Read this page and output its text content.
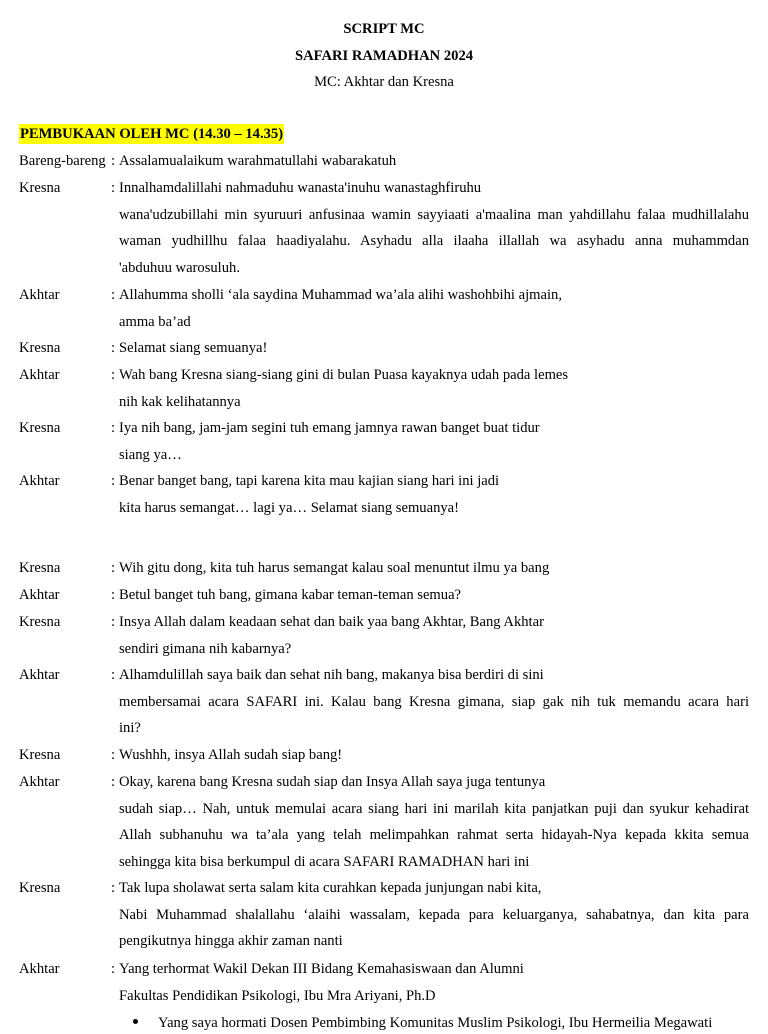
SCRIPT MC
SAFARI RAMADHAN 2024
MC: Akhtar dan Kresna
PEMBUKAAN OLEH MC (14.30 – 14.35)
Bareng-bareng : Assalamualaikum warahmatullahi wabarakatuh
Kresna	: Innalhamdalillahi nahmaduhu wanasta'inuhu wanastaghfiruhu
wana'udzubillahi min syuruuri anfusinaa wamin sayyiaati a'maalina man yahdillahu falaa mudhillalahu
waman yudhillhu falaa haadiyalahu. Asyhadu alla ilaaha illallah wa asyhadu anna muhammdan
'abduhuu warosuluh.
Akhtar	: Allahumma sholli ‘ala saydina Muhammad wa’ala alihi washohbihi ajmain,
amma ba’ad
Kresna	: Selamat siang semuanya!
Akhtar	: Wah bang Kresna siang-siang gini di bulan Puasa kayaknya udah pada lemes
nih kak kelihatannya
Kresna	: Iya nih bang, jam-jam segini tuh emang jamnya rawan banget buat tidur
siang ya…
Akhtar	: Benar banget bang, tapi karena kita mau kajian siang hari ini jadi
kita harus semangat… lagi ya… Selamat siang semuanya!
Kresna	: Wih gitu dong, kita tuh harus semangat kalau soal menuntut ilmu ya bang
Akhtar	: Betul banget tuh bang, gimana kabar teman-teman semua?
Kresna	: Insya Allah dalam keadaan sehat dan baik yaa bang Akhtar, Bang Akhtar
sendiri gimana nih kabarnya?
Akhtar	: Alhamdulillah saya baik dan sehat nih bang, makanya bisa berdiri di sini
membersamai acara SAFARI ini. Kalau bang Kresna gimana, siap gak nih tuk memandu acara hari
ini?
Kresna	: Wushhh, insya Allah sudah siap bang!
Akhtar	: Okay, karena bang Kresna sudah siap dan Insya Allah saya juga tentunya
sudah siap… Nah, untuk memulai acara siang hari ini marilah kita panjatkan puji dan syukur kehadirat
Allah subhanuhu wa ta’ala yang telah melimpahkan rahmat serta hidayah-Nya kepada kkita semua
sehingga kita bisa berkumpul di acara SAFARI RAMADHAN hari ini
Kresna	: Tak lupa sholawat serta salam kita curahkan kepada junjungan nabi kita,
Nabi Muhammad shalallahu ‘alaihi wassalam, kepada para keluarganya, sahabatnya, dan kita para
pengikutnya hingga akhir zaman nanti
Akhtar	: Yang terhormat Wakil Dekan III Bidang Kemahasiswaan dan Alumni
Fakultas Pendidikan Psikologi, Ibu Mra Ariyani, Ph.D
Yang saya hormati Dosen Pembimbing Komunitas Muslim Psikologi, Ibu Hermeilia Megawati
